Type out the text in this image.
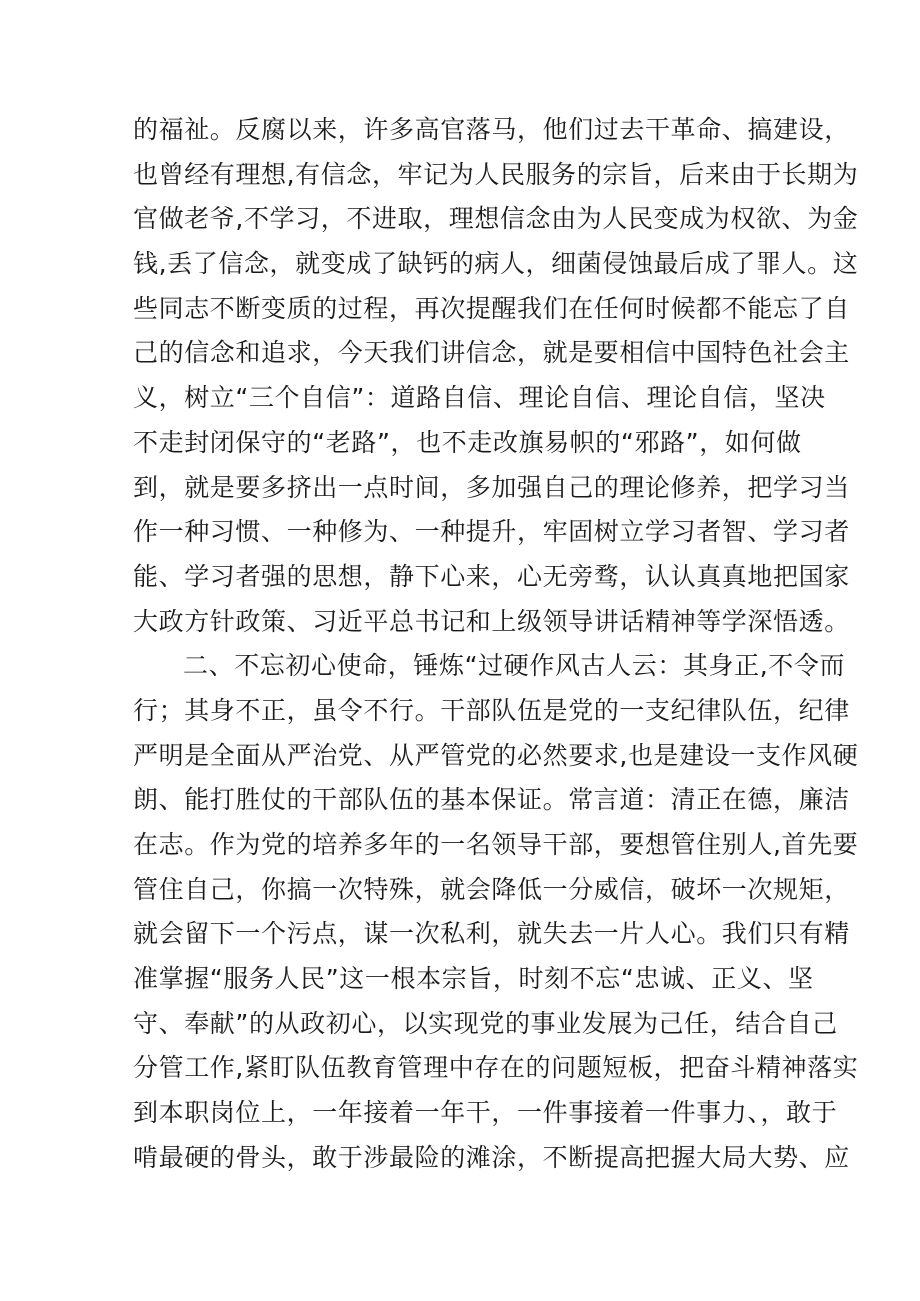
的福祉。反腐以来，许多高官落马，他们过去干革命、搞建设，
也曾经有理想,有信念，牢记为人民服务的宗旨，后来由于长期为
官做老爷,不学习，不进取，理想信念由为人民变成为权欲、为金
钱,丢了信念，就变成了缺钙的病人，细菌侵蚀最后成了罪人。这
些同志不断变质的过程，再次提醒我们在任何时候都不能忘了自
己的信念和追求，今天我们讲信念，就是要相信中国特色社会主
义，树立“三个自信”：道路自信、理论自信、理论自信，坚决
不走封闭保守的“老路”，也不走改旗易帜的“邪路”，如何做
到，就是要多挤出一点时间，多加强自己的理论修养，把学习当
作一种习惯、一种修为、一种提升，牢固树立学习者智、学习者
能、学习者强的思想，静下心来，心无旁骛，认认真真地把国家
大政方针政策、习近平总书记和上级领导讲话精神等学深悟透。
二、不忘初心使命，锤炼“过硬作风古人云：其身正,不令而
行；其身不正，虽令不行。干部队伍是党的一支纪律队伍，纪律
严明是全面从严治党、从严管党的必然要求,也是建设一支作风硬
朗、能打胜仗的干部队伍的基本保证。常言道：清正在德，廉洁
在志。作为党的培养多年的一名领导干部，要想管住别人,首先要
管住自己，你搞一次特殊，就会降低一分威信，破坏一次规矩，
就会留下一个污点，谋一次私利，就失去一片人心。我们只有精
准掌握“服务人民”这一根本宗旨，时刻不忘“忠诚、正义、坚
守、奉献”的从政初心，以实现党的事业发展为己任，结合自己
分管工作,紧盯队伍教育管理中存在的问题短板，把奋斗精神落实
到本职岗位上，一年接着一年干，一件事接着一件事力、，敢于
啃最硬的骨头，敢于涉最险的滩涂，不断提高把握大局大势、应
